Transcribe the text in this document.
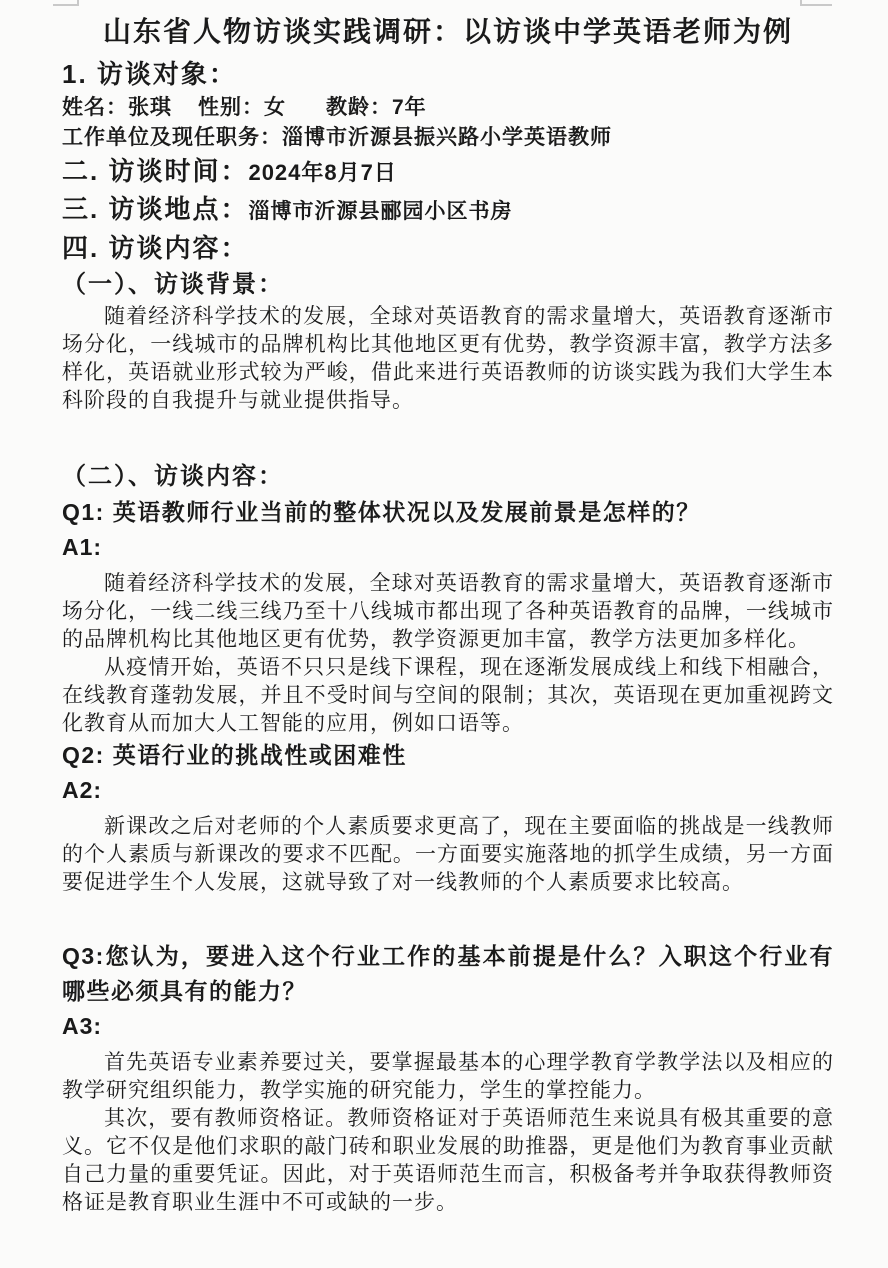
山东省人物访谈实践调研：以访谈中学英语老师为例
1. 访谈对象：
姓名：张琪 性别：女 教龄：7年
工作单位及现任职务：淄博市沂源县振兴路小学英语教师
二. 访谈时间：2024年8月7日
三. 访谈地点：淄博市沂源县郦园小区书房
四. 访谈内容：
（一）、访谈背景：

随着经济科学技术的发展，全球对英语教育的需求量增大，英语教育逐渐市场分化，一线城市的品牌机构比其他地区更有优势，教学资源丰富，教学方法多样化，英语就业形式较为严峻，借此来进行英语教师的访谈实践为我们大学生本科阶段的自我提升与就业提供指导。

（二）、访谈内容：
Q1: 英语教师行业当前的整体状况以及发展前景是怎样的？
A1:

随着经济科学技术的发展，全球对英语教育的需求量增大，英语教育逐渐市场分化，一线二线三线乃至十八线城市都出现了各种英语教育的品牌，一线城市的品牌机构比其他地区更有优势，教学资源更加丰富，教学方法更加多样化。

从疫情开始，英语不只只是线下课程，现在逐渐发展成线上和线下相融合，在线教育蓬勃发展，并且不受时间与空间的限制；其次，英语现在更加重视跨文化教育从而加大人工智能的应用，例如口语等。

Q2: 英语行业的挑战性或困难性
A2:

新课改之后对老师的个人素质要求更高了，现在主要面临的挑战是一线教师的个人素质与新课改的要求不匹配。一方面要实施落地的抓学生成绩，另一方面要促进学生个人发展，这就导致了对一线教师的个人素质要求比较高。

Q3:您认为，要进入这个行业工作的基本前提是什么？入职这个行业有哪些必须具有的能力？
A3:

首先英语专业素养要过关，要掌握最基本的心理学教育学教学法以及相应的教学研究组织能力，教学实施的研究能力，学生的掌控能力。

其次，要有教师资格证。教师资格证对于英语师范生来说具有极其重要的意义。它不仅是他们求职的敲门砖和职业发展的助推器，更是他们为教育事业贡献自己力量的重要凭证。因此，对于英语师范生而言，积极备考并争取获得教师资格证是教育职业生涯中不可或缺的一步。
